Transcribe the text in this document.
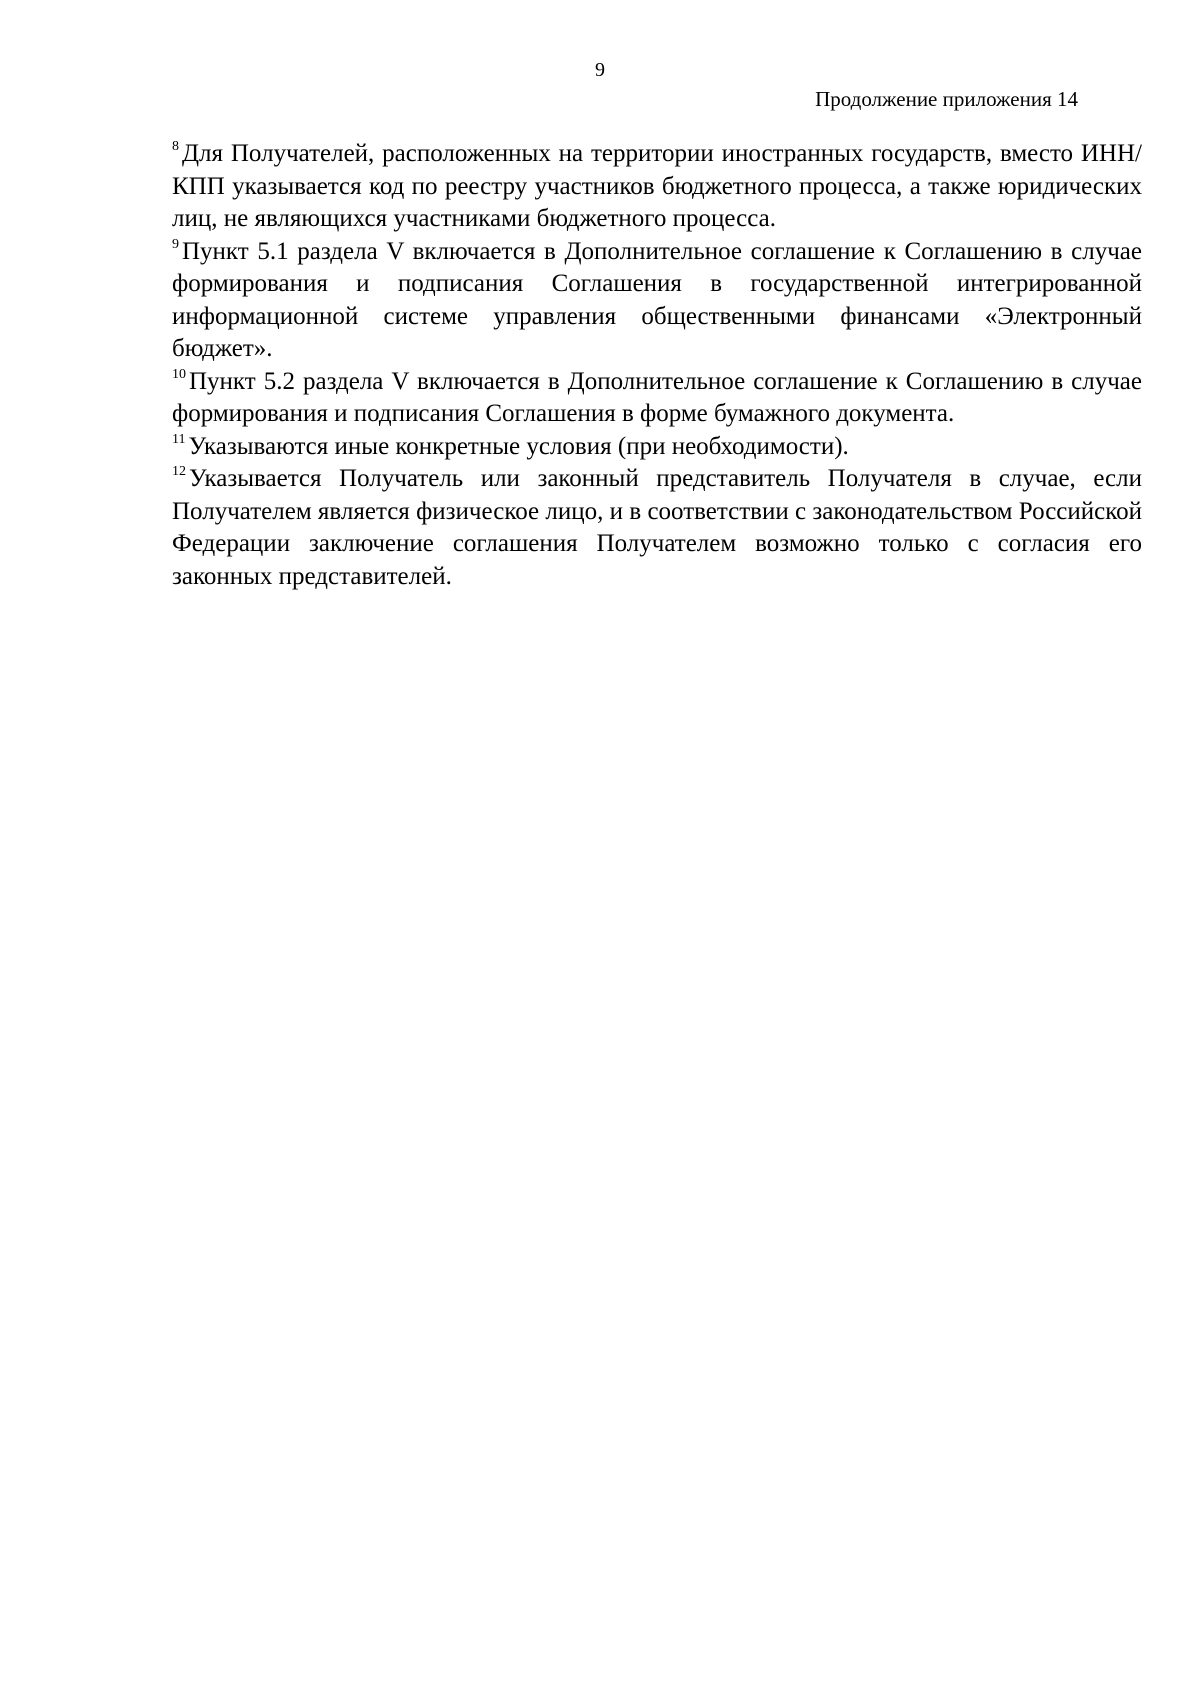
9
Продолжение приложения 14

$^8$ Для Получателей, расположенных на территории иностранных государств, вместо ИНН/КПП указывается код по реестру участников бюджетного процесса, а также юридических лиц, не являющихся участниками бюджетного процесса.

$^9$ Пункт 5.1 раздела V включается в Дополнительное соглашение к Соглашению в случае формирования и подписания Соглашения в государственной интегрированной информационной системе управления общественными финансами «Электронный бюджет».

$^{10}$ Пункт 5.2 раздела V включается в Дополнительное соглашение к Соглашению в случае формирования и подписания Соглашения в форме бумажного документа.

$^{11}$ Указываются иные конкретные условия (при необходимости).

$^{12}$ Указывается Получатель или законный представитель Получателя в случае, если Получателем является физическое лицо, и в соответствии с законодательством Российской Федерации заключение соглашения Получателем возможно только с согласия его законных представителей.
